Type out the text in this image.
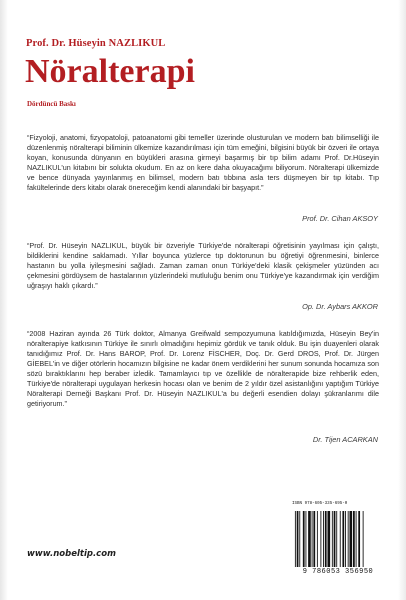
Prof. Dr. Hüseyin NAZLIKUL
Nöralterapi
Dördüncü Baskı

“Fizyoloji, anatomi, fizyopatoloji, patoanatomi gibi temeller üzerinde olusturulan ve modern batı bilimselliği ile düzenlenmiş nöralterapi biliminin ülkemize kazandırılması için tüm emeğini, bilgisini büyük bir özveri ile ortaya koyan, konusunda dünyanın en büyükleri arasına girmeyi başarmış bir tıp bilim adamı Prof. Dr.Hüseyin NAZLIKUL'un kitabını bir solukta okudum. En az on kere daha okuyacağımı biliyorum. Nöralterapi ülkemizde ve bence dünyada yayınlanmış en bilimsel, modern batı tıbbına asla ters düşmeyen bir tıp kitabı. Tıp fakültelerinde ders kitabı olarak önereceğim kendi alanındaki bir başyapıt.”

Prof. Dr. Cihan AKSOY

“Prof. Dr. Hüseyin NAZLIKUL, büyük bir özveriyle Türkiye'de nöralterapi öğretisinin yayılması için çalıştı, bildiklerini kendine saklamadı. Yıllar boyunca yüzlerce tıp doktorunun bu öğretiyi öğrenmesini, binlerce hastanın bu yolla iyileşmesini sağladı. Zaman zaman onun Türkiye'deki klasik çekişmeler yüzünden acı çekmesini gördüysem de hastalarının yüzlerindeki mutluluğu benim onu Türkiye'ye kazandırmak için verdiğim uğraşıyı haklı çıkardı.”

Op. Dr. Aybars AKKOR

“2008 Haziran ayında 26 Türk doktor, Almanya Greifwald sempozyumuna katıldığımızda, Hüseyin Bey'in nöralterapiye katkısının Türkiye ile sınırlı olmadığını hepimiz gördük ve tanık olduk. Bu işin duayenleri olarak tanıdığımız Prof. Dr. Hans BAROP, Prof. Dr. Lorenz FİSCHER, Doç. Dr. Gerd DROS, Prof. Dr. Jürgen GİEBEL'in ve diğer otörlerin hocamızın bilgisine ne kadar önem verdiklerini her sunum sonunda hocamıza son sözü bıraktıklarını hep beraber izledik. Tamamlayıcı tıp ve özellikle de nöralterapide bize rehberlik eden, Türkiye'de nöralterapi uygulayan herkesin hocası olan ve benim de 2 yıldır özel asistanlığını yaptığım Türkiye Nöralterapi Derneği Başkanı Prof. Dr. Hüseyin NAZLIKUL'a bu değerli esendien dolayı şükranlarımı dile getiriyorum.”

Dr. Tijen ACARKAN
ISBN 978-605-335-695-0
9 786053 356950
www.nobeltip.com
